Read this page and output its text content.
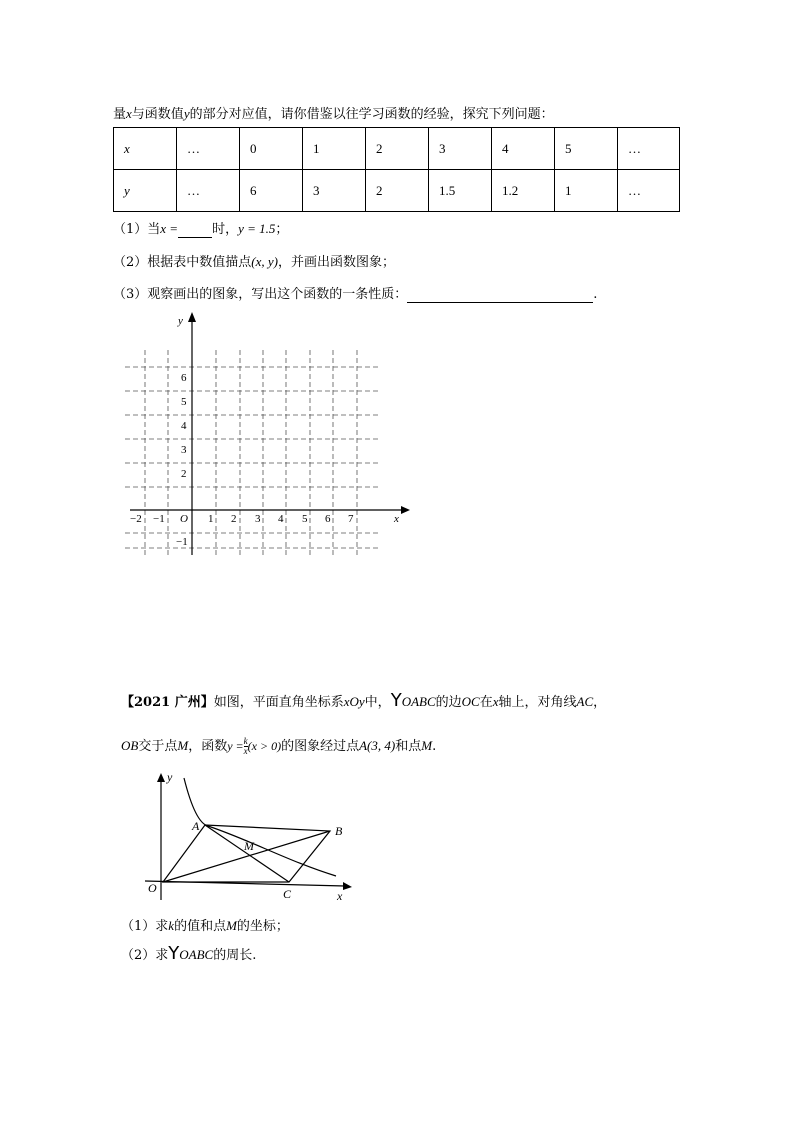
量x与函数值y的部分对应值，请你借鉴以往学习函数的经验，探究下列问题：
x	…	0	1	2	3	4	5	…
y	…	6	3	2	1.5	1.2	1	…
（1）当x =	时，y = 1.5；
（2）根据表中数值描点(x, y)，并画出函数图象；
（3）观察画出的图象，写出这个函数的一条性质：	.
y
x
O
−2 −1	1 2 3 4 5 6 7
6
5
4
3
2
−1
【2021 广州】如图，平面直角坐标系xOy中，YOABC的边OC在x轴上，对角线AC，
OB交于点M，函数$y = \frac{k}{x} (x > 0)$的图象经过点A(3, 4)和点M.
y
x
A	B
M
O	C
（1）求k的值和点M的坐标；
（2）求YOABC的周长.
